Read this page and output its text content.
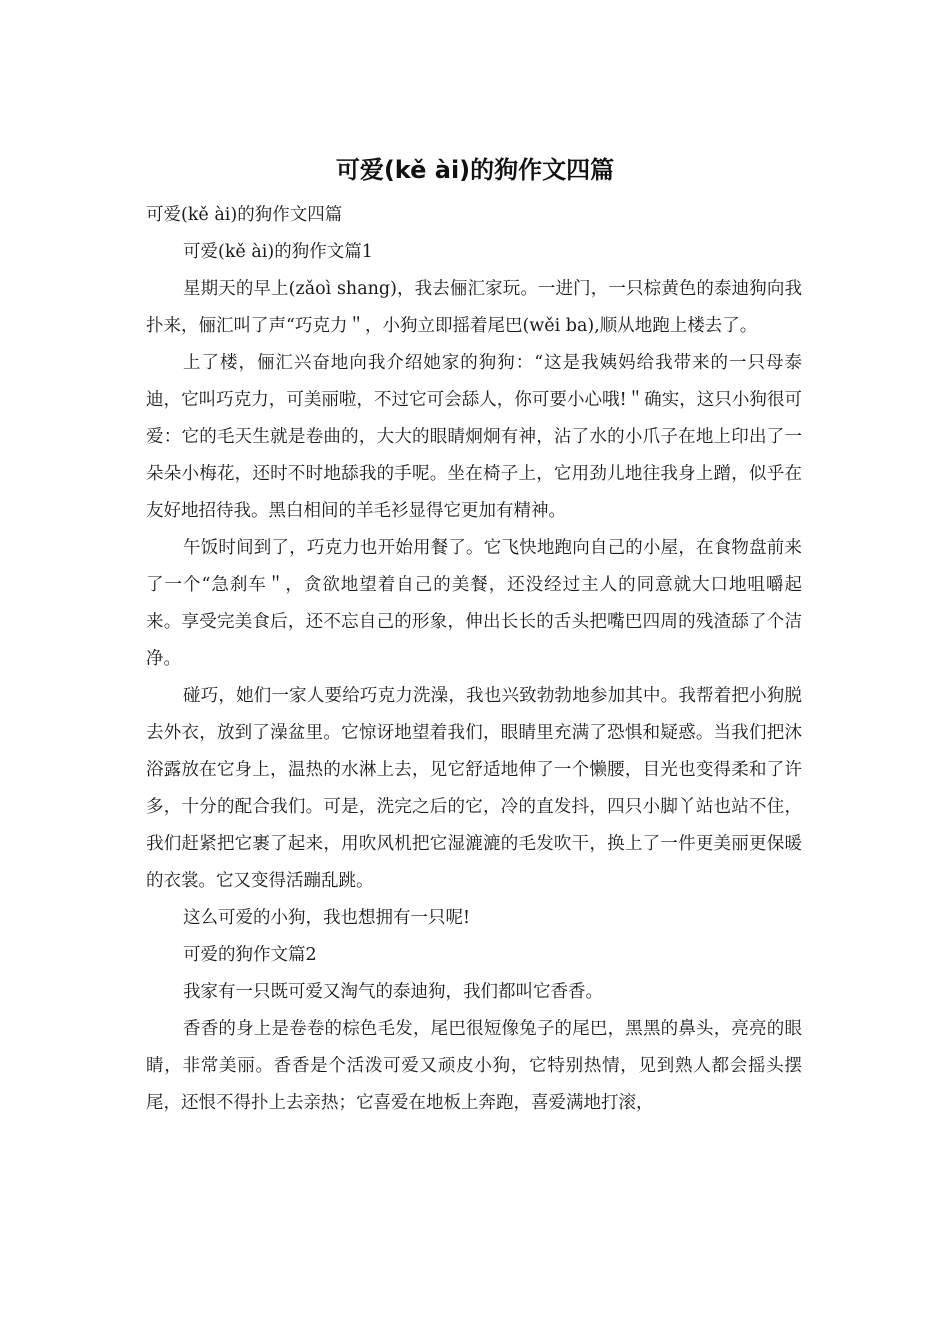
可爱(kě ài)的狗作文四篇

可爱(kě ài)的狗作文四篇

可爱(kě ài)的狗作文篇1

星期天的早上(zǎoì shang)，我去俪汇家玩。一进门，一只棕黄色的泰迪狗向我扑来，俪汇叫了声“巧克力＂，小狗立即摇着尾巴(wěi ba),顺从地跑上楼去了。

上了楼，俪汇兴奋地向我介绍她家的狗狗：“这是我姨妈给我带来的一只母泰迪，它叫巧克力，可美丽啦，不过它可会舔人，你可要小心哦!＂确实，这只小狗很可爱：它的毛天生就是卷曲的，大大的眼睛炯炯有神，沾了水的小爪子在地上印出了一朵朵小梅花，还时不时地舔我的手呢。坐在椅子上，它用劲儿地往我身上蹭，似乎在友好地招待我。黑白相间的羊毛衫显得它更加有精神。

午饭时间到了，巧克力也开始用餐了。它飞快地跑向自己的小屋，在食物盘前来了一个“急刹车＂，贪欲地望着自己的美餐，还没经过主人的同意就大口地咀嚼起来。享受完美食后，还不忘自己的形象，伸出长长的舌头把嘴巴四周的残渣舔了个洁净。

碰巧，她们一家人要给巧克力洗澡，我也兴致勃勃地参加其中。我帮着把小狗脱去外衣，放到了澡盆里。它惊讶地望着我们，眼睛里充满了恐惧和疑惑。当我们把沐浴露放在它身上，温热的水淋上去，见它舒适地伸了一个懒腰，目光也变得柔和了许多，十分的配合我们。可是，洗完之后的它，冷的直发抖，四只小脚丫站也站不住，我们赶紧把它裹了起来，用吹风机把它湿漉漉的毛发吹干，换上了一件更美丽更保暖的衣裳。它又变得活蹦乱跳。

这么可爱的小狗，我也想拥有一只呢!

可爱的狗作文篇2

我家有一只既可爱又淘气的泰迪狗，我们都叫它香香。

香香的身上是卷卷的棕色毛发，尾巴很短像兔子的尾巴，黑黑的鼻头，亮亮的眼睛，非常美丽。香香是个活泼可爱又顽皮小狗，它特别热情，见到熟人都会摇头摆尾，还恨不得扑上去亲热；它喜爱在地板上奔跑，喜爱满地打滚，
